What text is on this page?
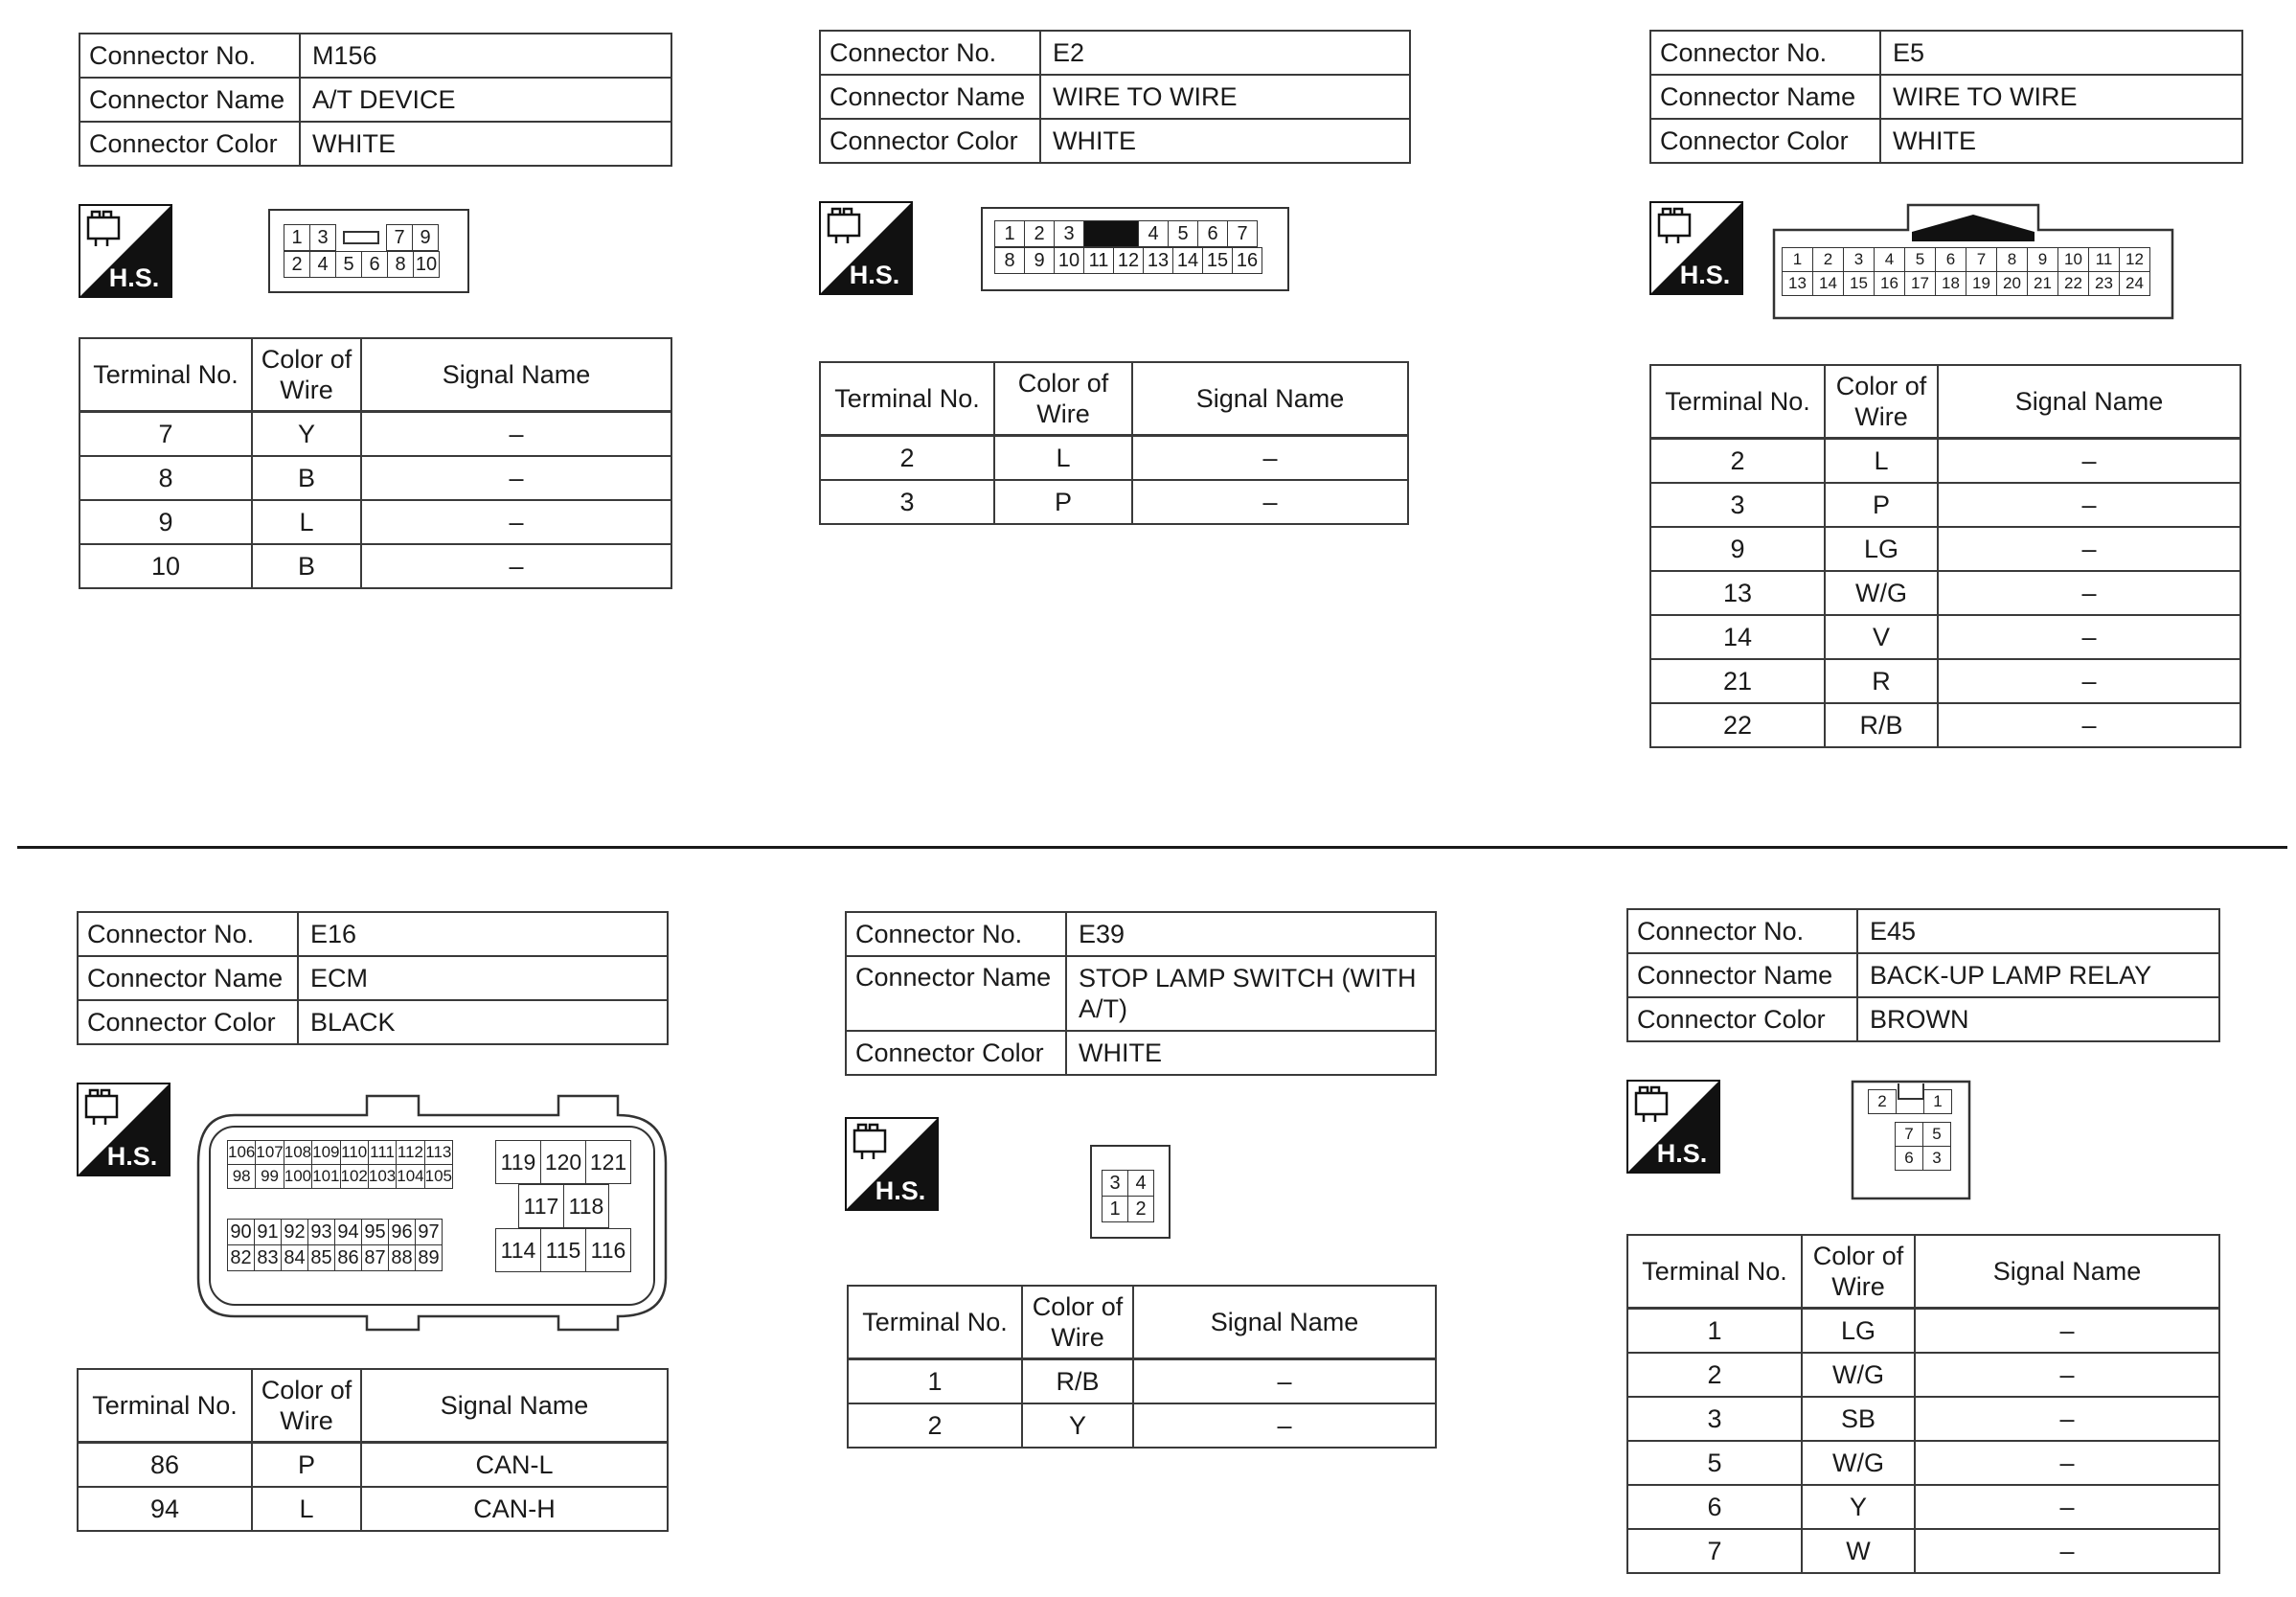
Connector No.	M156
Connector Name	A/T DEVICE
Connector Color	WHITE
H.S.
1	3		7	9
2	4	5	6	8	10
Terminal No.	Color of Wire	Signal Name
7	Y	–
8	B	–
9	L	–
10	B	–
Connector No.	E2
Connector Name	WIRE TO WIRE
Connector Color	WHITE
H.S.
1	2	3		4	5	6	7
8	9	10	11	12	13	14	15	16
Terminal No.	Color of Wire	Signal Name
2	L	–
3	P	–
Connector No.	E5
Connector Name	WIRE TO WIRE
Connector Color	WHITE
H.S.
1	2	3	4	5	6	7	8	9	10	11	12
13	14	15	16	17	18	19	20	21	22	23	24
Terminal No.	Color of Wire	Signal Name
2	L	–
3	P	–
9	LG	–
13	W/G	–
14	V	–
21	R	–
22	R/B	–
Connector No.	E16
Connector Name	ECM
Connector Color	BLACK
H.S.	106	107	108	109	110	111	112	113
98	99	100	101	102	103	104	105
90	91	92	93	94	95	96	97
82	83	84	85	86	87	88	89
119	120	121
117	118
114	115	116
Terminal No.	Color of Wire	Signal Name
86	P	CAN-L
94	L	CAN-H
Connector No.	E39
Connector Name	STOP LAMP SWITCH (WITH A/T)
Connector Color	WHITE
H.S.	3	4
1	2
Terminal No.	Color of Wire	Signal Name
1	R/B	–
2	Y	–
Connector No.	E45
Connector Name	BACK-UP LAMP RELAY
Connector Color	BROWN
H.S.
2		1
7	5
6	3
Terminal No.	Color of Wire	Signal Name
1	LG	–
2	W/G	–
3	SB	–
5	W/G	–
6	Y	–
7	W	–
